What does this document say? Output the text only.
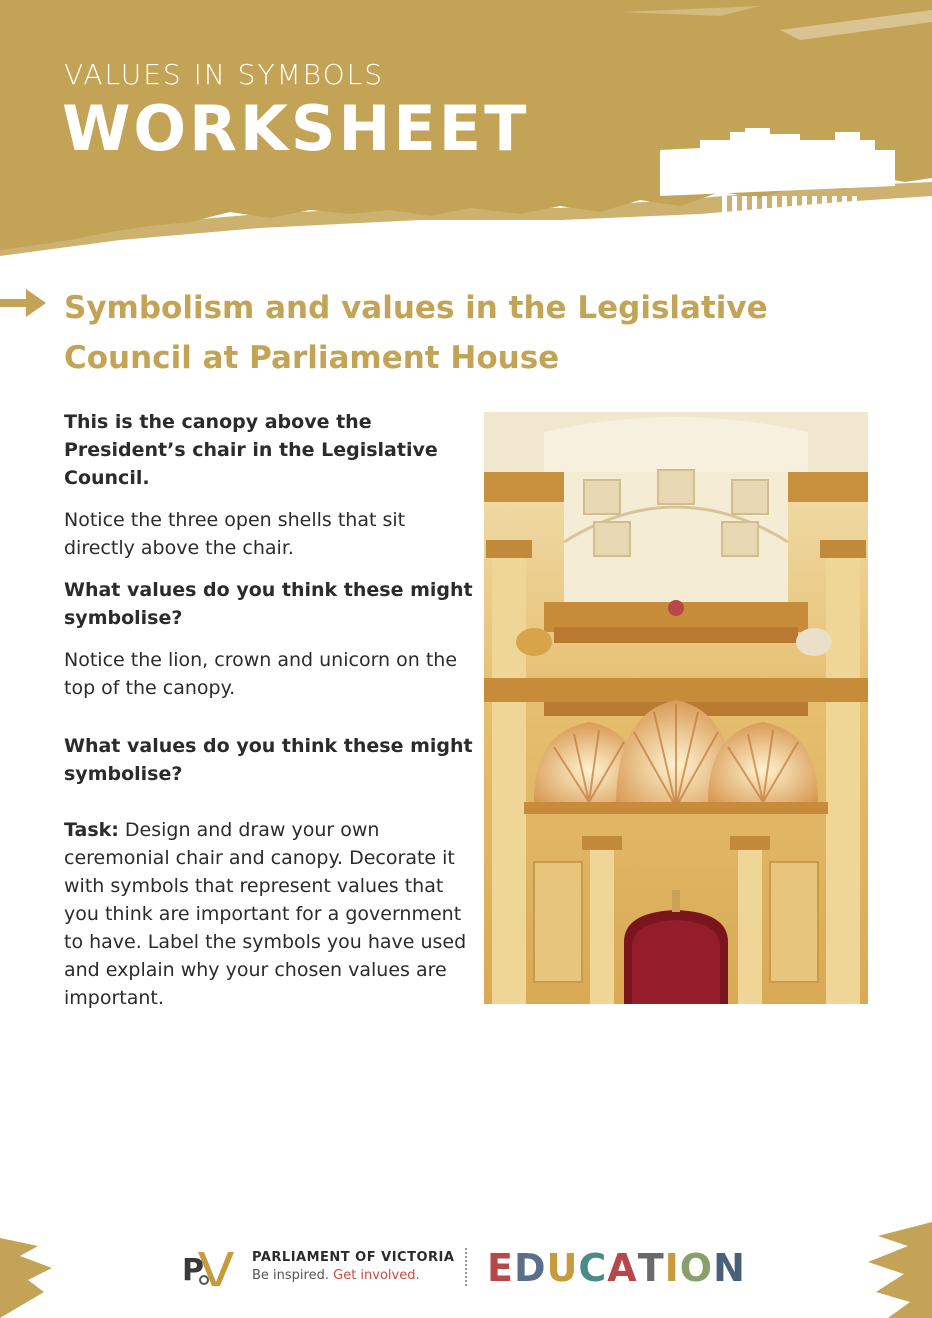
VALUES IN SYMBOLS
WORKSHEET
Symbolism and values in the Legislative
Council at Parliament House

This is the canopy above the President’s chair in the Legislative Council.

Notice the three open shells that sit directly above the chair.

What values do you think these might symbolise?

Notice the lion, crown and unicorn on the top of the canopy.

What values do you think these might symbolise?

Task: Design and draw your own ceremonial chair and canopy. Decorate it with symbols that represent values that you think are important for a government to have. Label the symbols you have used and explain why your chosen values are important.

P	PARLIAMENT OF VICTORIA
Be inspired. Get involved.	EDUCATION
